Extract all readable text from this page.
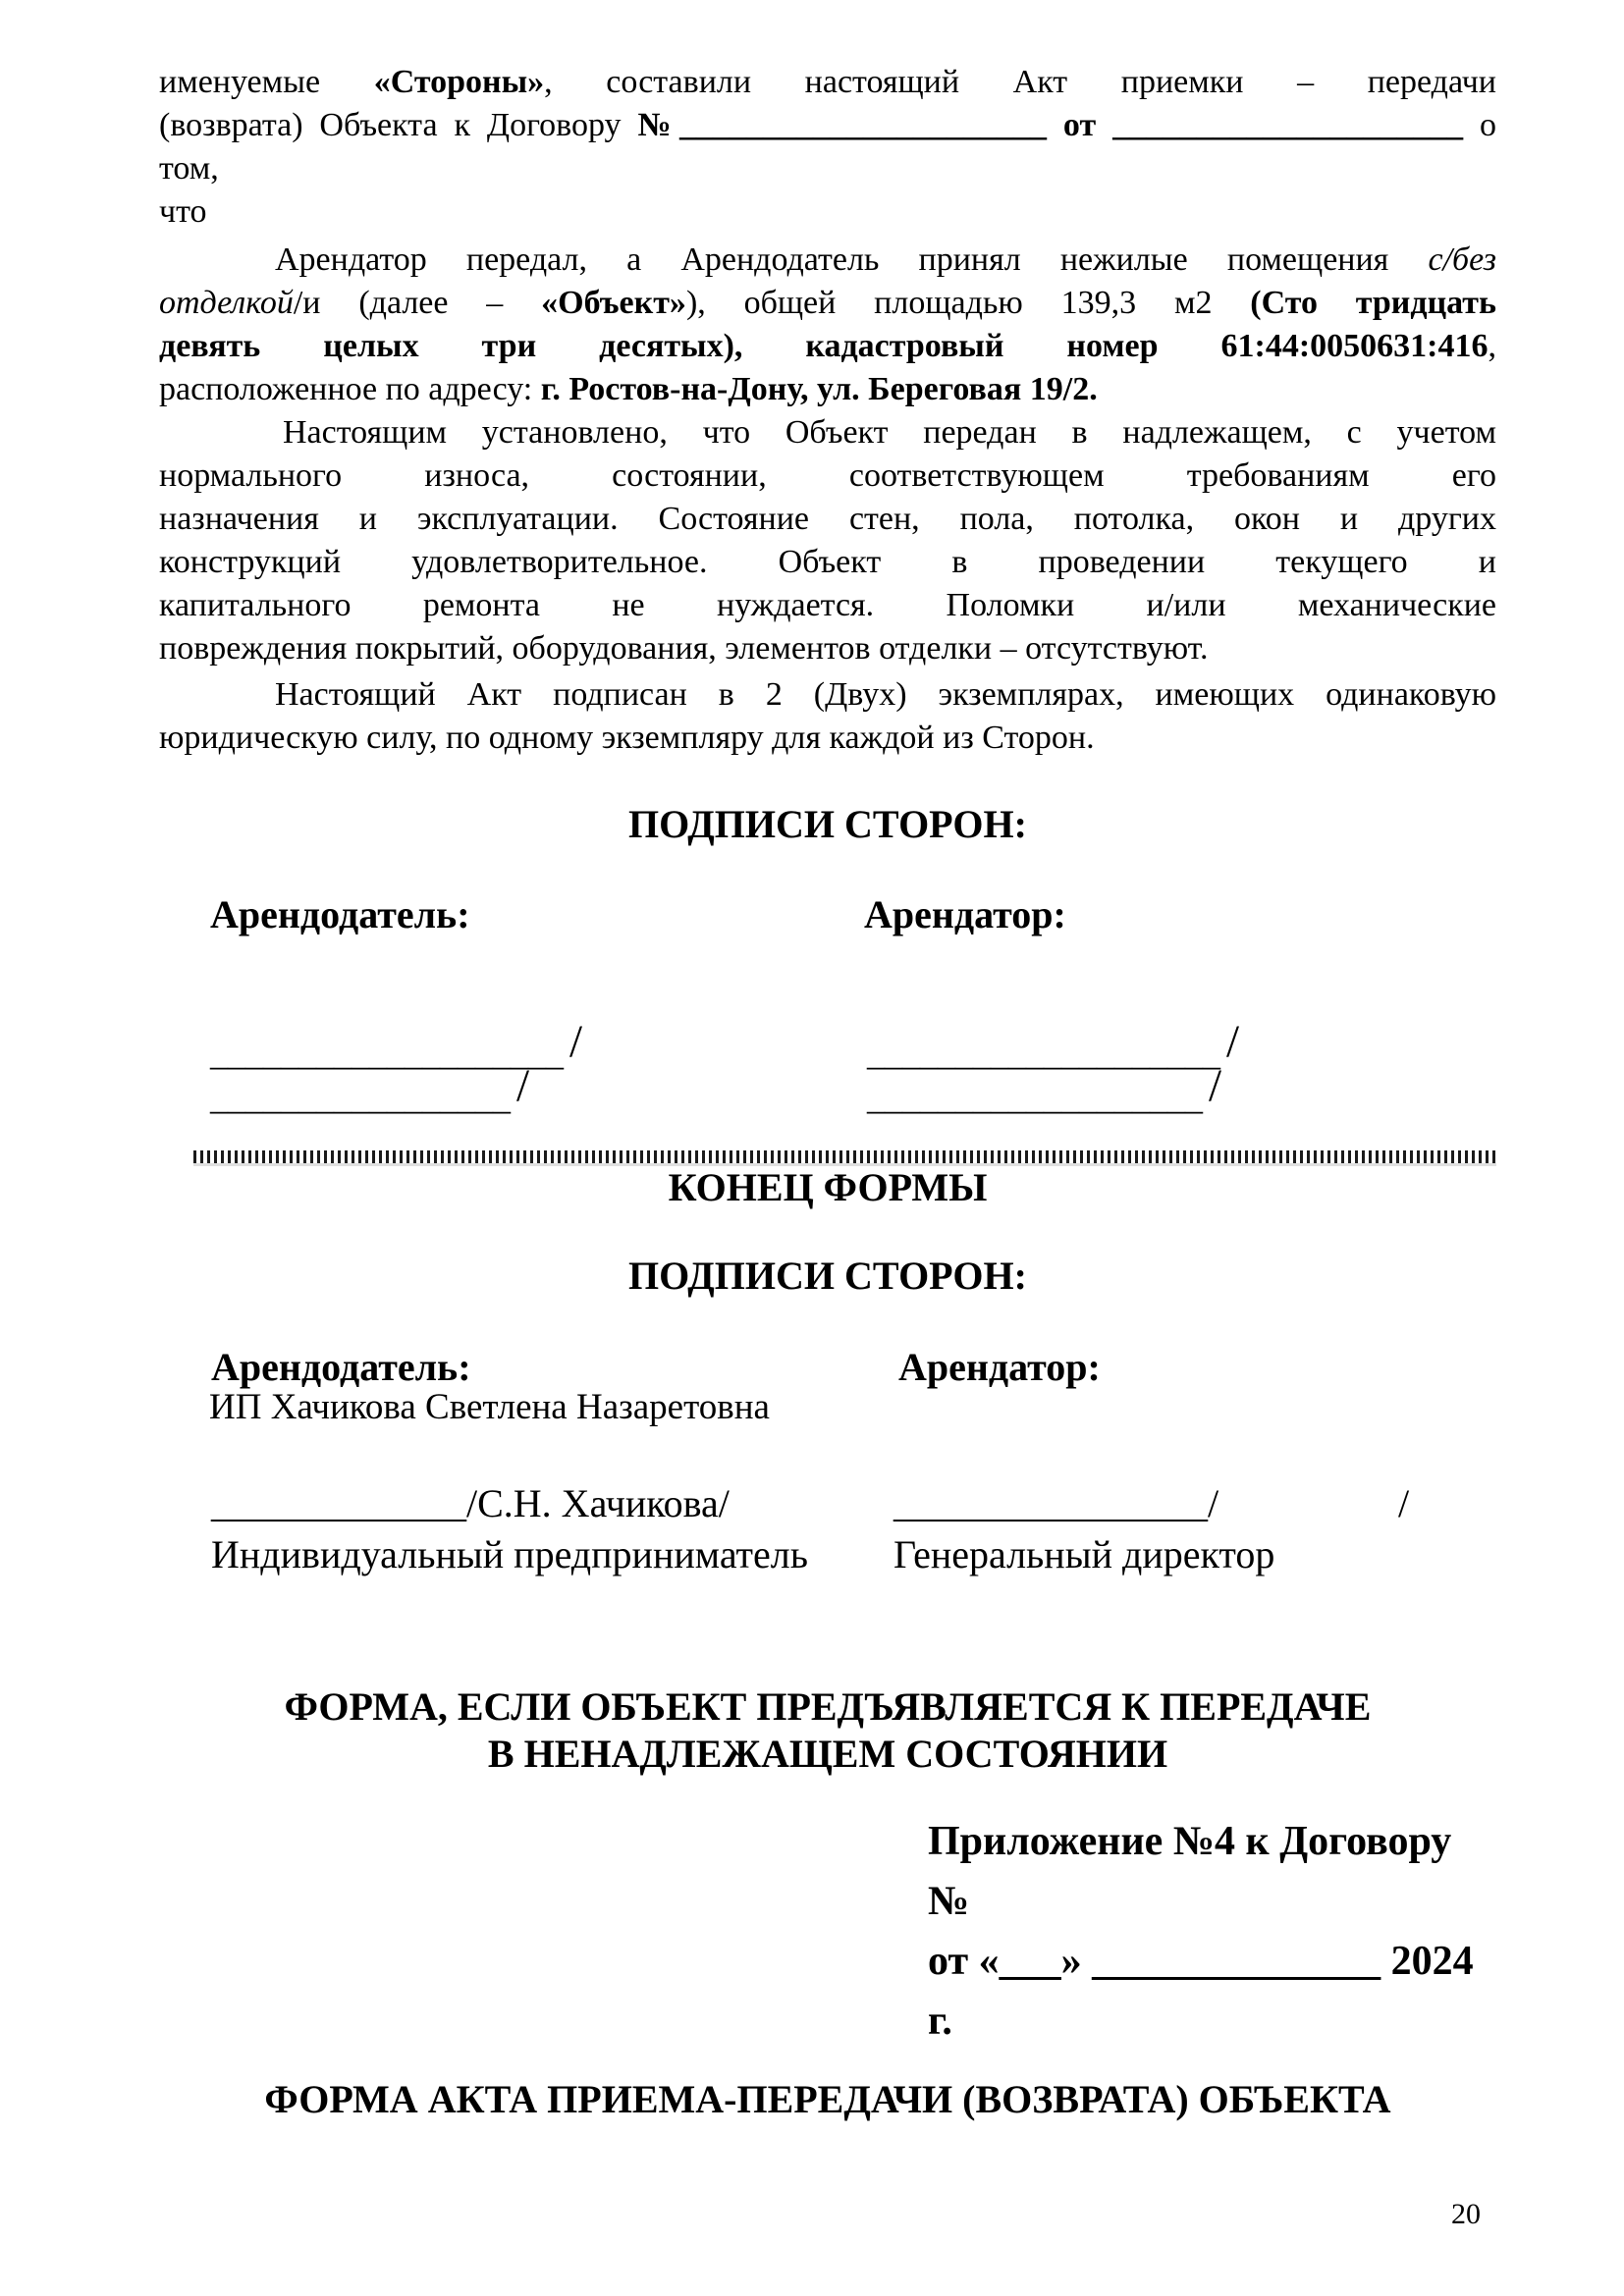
именуемые «Стороны», составили настоящий Акт приемки – передачи
(возврата) Объекта к Договору №______________________ от _____________________ о том,
что
Арендатор передал, а Арендодатель принял нежилые помещения с/без
отделкой/и (далее – «Объект»), общей площадью 139,3 м2 (Сто тридцать
девять целых три десятых), кадастровый номер 61:44:0050631:416,
расположенное по адресу: г. Ростов-на-Дону, ул. Береговая 19/2.
Настоящим установлено, что Объект передан в надлежащем, с учетом
нормального износа, состоянии, соответствующем требованиям его
назначения и эксплуатации. Состояние стен, пола, потолка, окон и других
конструкций удовлетворительное. Объект в проведении текущего и
капитального ремонта не нуждается. Поломки и/или механические
повреждения покрытий, оборудования, элементов отделки – отсутствуют.
Настоящий Акт подписан в 2 (Двух) экземплярах, имеющих одинаковую
юридическую силу, по одному экземпляру для каждой из Сторон.
ПОДПИСИ СТОРОН:
Арендодатель:	Арендатор:
____________________ /	____________________ /
_________________ /	___________________ /
КОНЕЦ ФОРМЫ
ПОДПИСИ СТОРОН:
Арендодатель:	Арендатор:
ИП Хачикова Светлена Назаретовна
_____________/С.Н. Хачикова/	________________/	/
Индивидуальный предприниматель Генеральный директор
ФОРМА, ЕСЛИ ОБЪЕКТ ПРЕДЪЯВЛЯЕТСЯ К ПЕРЕДАЧЕ
В НЕНАДЛЕЖАЩЕМ СОСТОЯНИИ
Приложение №4 к Договору
№
от «___» ______________ 2024
г.
ФОРМА АКТА ПРИЕМА-ПЕРЕДАЧИ (ВОЗВРАТА) ОБЪЕКТА
20
